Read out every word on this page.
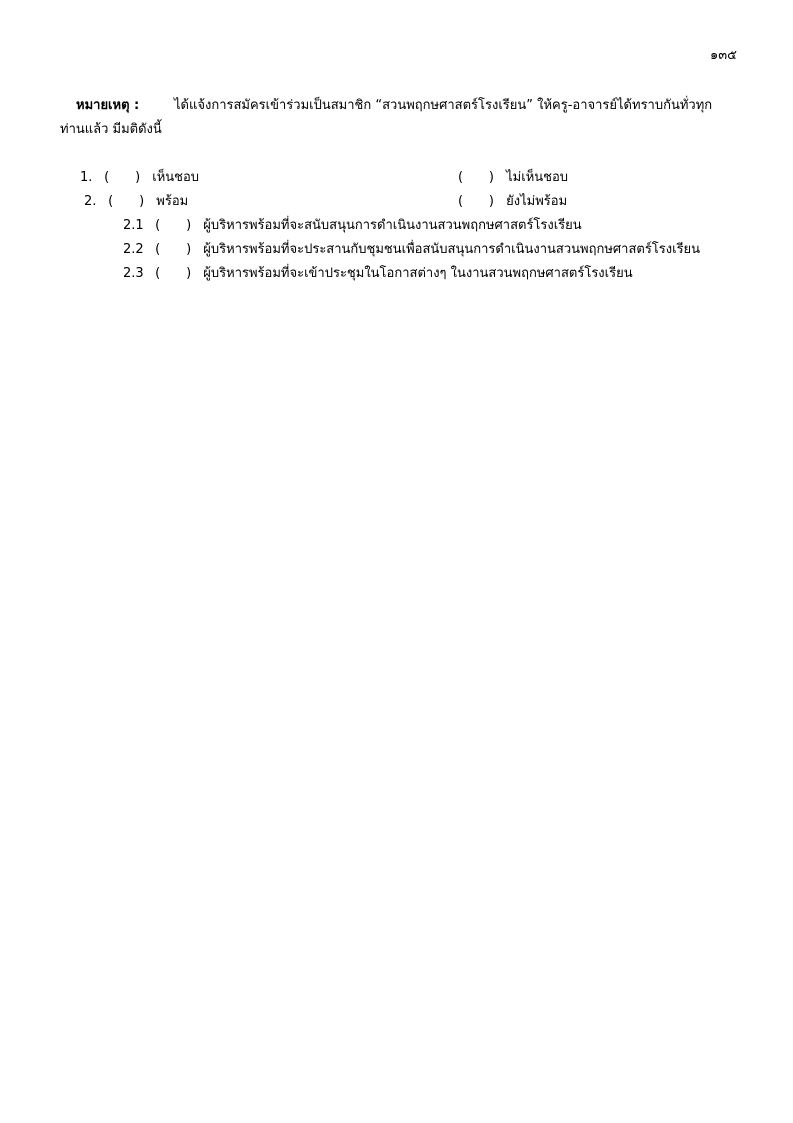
๑๓๕
หมายเหตุ :	ได้แจ้งการสมัครเข้าร่วมเป็นสมาชิก “สวนพฤกษศาสตร์โรงเรียน” ให้ครู-อาจารย์ได้ทราบกันทั่วทุก
ท่านแล้ว มีมติดังนี้
1. ( ) เห็นชอบ	( ) ไม่เห็นชอบ
2. ( ) พร้อม	( ) ยังไม่พร้อม
2.1 ( ) ผู้บริหารพร้อมที่จะสนับสนุนการดำเนินงานสวนพฤกษศาสตร์โรงเรียน
2.2 ( ) ผู้บริหารพร้อมที่จะประสานกับชุมชนเพื่อสนับสนุนการดำเนินงานสวนพฤกษศาสตร์โรงเรียน
2.3 ( ) ผู้บริหารพร้อมที่จะเข้าประชุมในโอกาสต่างๆ ในงานสวนพฤกษศาสตร์โรงเรียน
